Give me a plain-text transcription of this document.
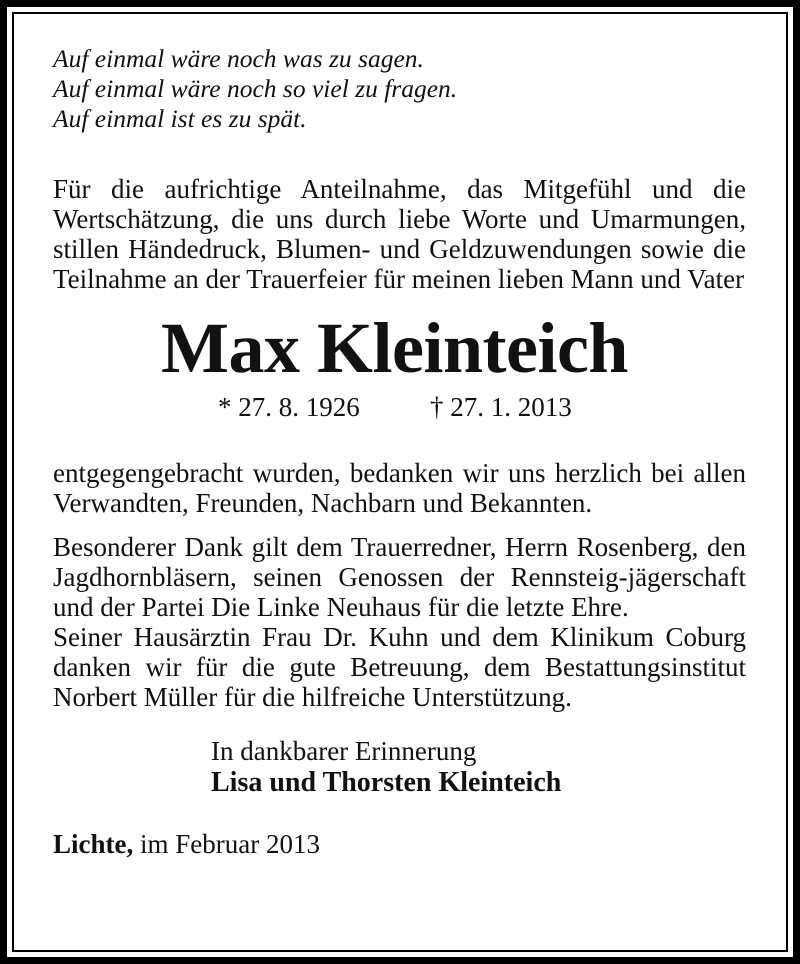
Auf einmal wäre noch was zu sagen.
Auf einmal wäre noch so viel zu fragen.
Auf einmal ist es zu spät.

Für die aufrichtige Anteilnahme, das Mitgefühl und die Wertschätzung, die uns durch liebe Worte und Umarmungen, stillen Händedruck, Blumen- und Geldzuwendungen sowie die Teilnahme an der Trauerfeier für meinen lieben Mann und Vater

Max Kleinteich
* 27. 8. 1926	† 27. 1. 2013

entgegengebracht wurden, bedanken wir uns herzlich bei allen Verwandten, Freunden, Nachbarn und Bekannten.

Besonderer Dank gilt dem Trauerredner, Herrn Rosenberg, den Jagdhornbläsern, seinen Genossen der Rennsteig-jägerschaft und der Partei Die Linke Neuhaus für die letzte Ehre.

Seiner Hausärztin Frau Dr. Kuhn und dem Klinikum Coburg danken wir für die gute Betreuung, dem Bestattungsinstitut Norbert Müller für die hilfreiche Unterstützung.

In dankbarer Erinnerung
Lisa und Thorsten Kleinteich
Lichte, im Februar 2013
